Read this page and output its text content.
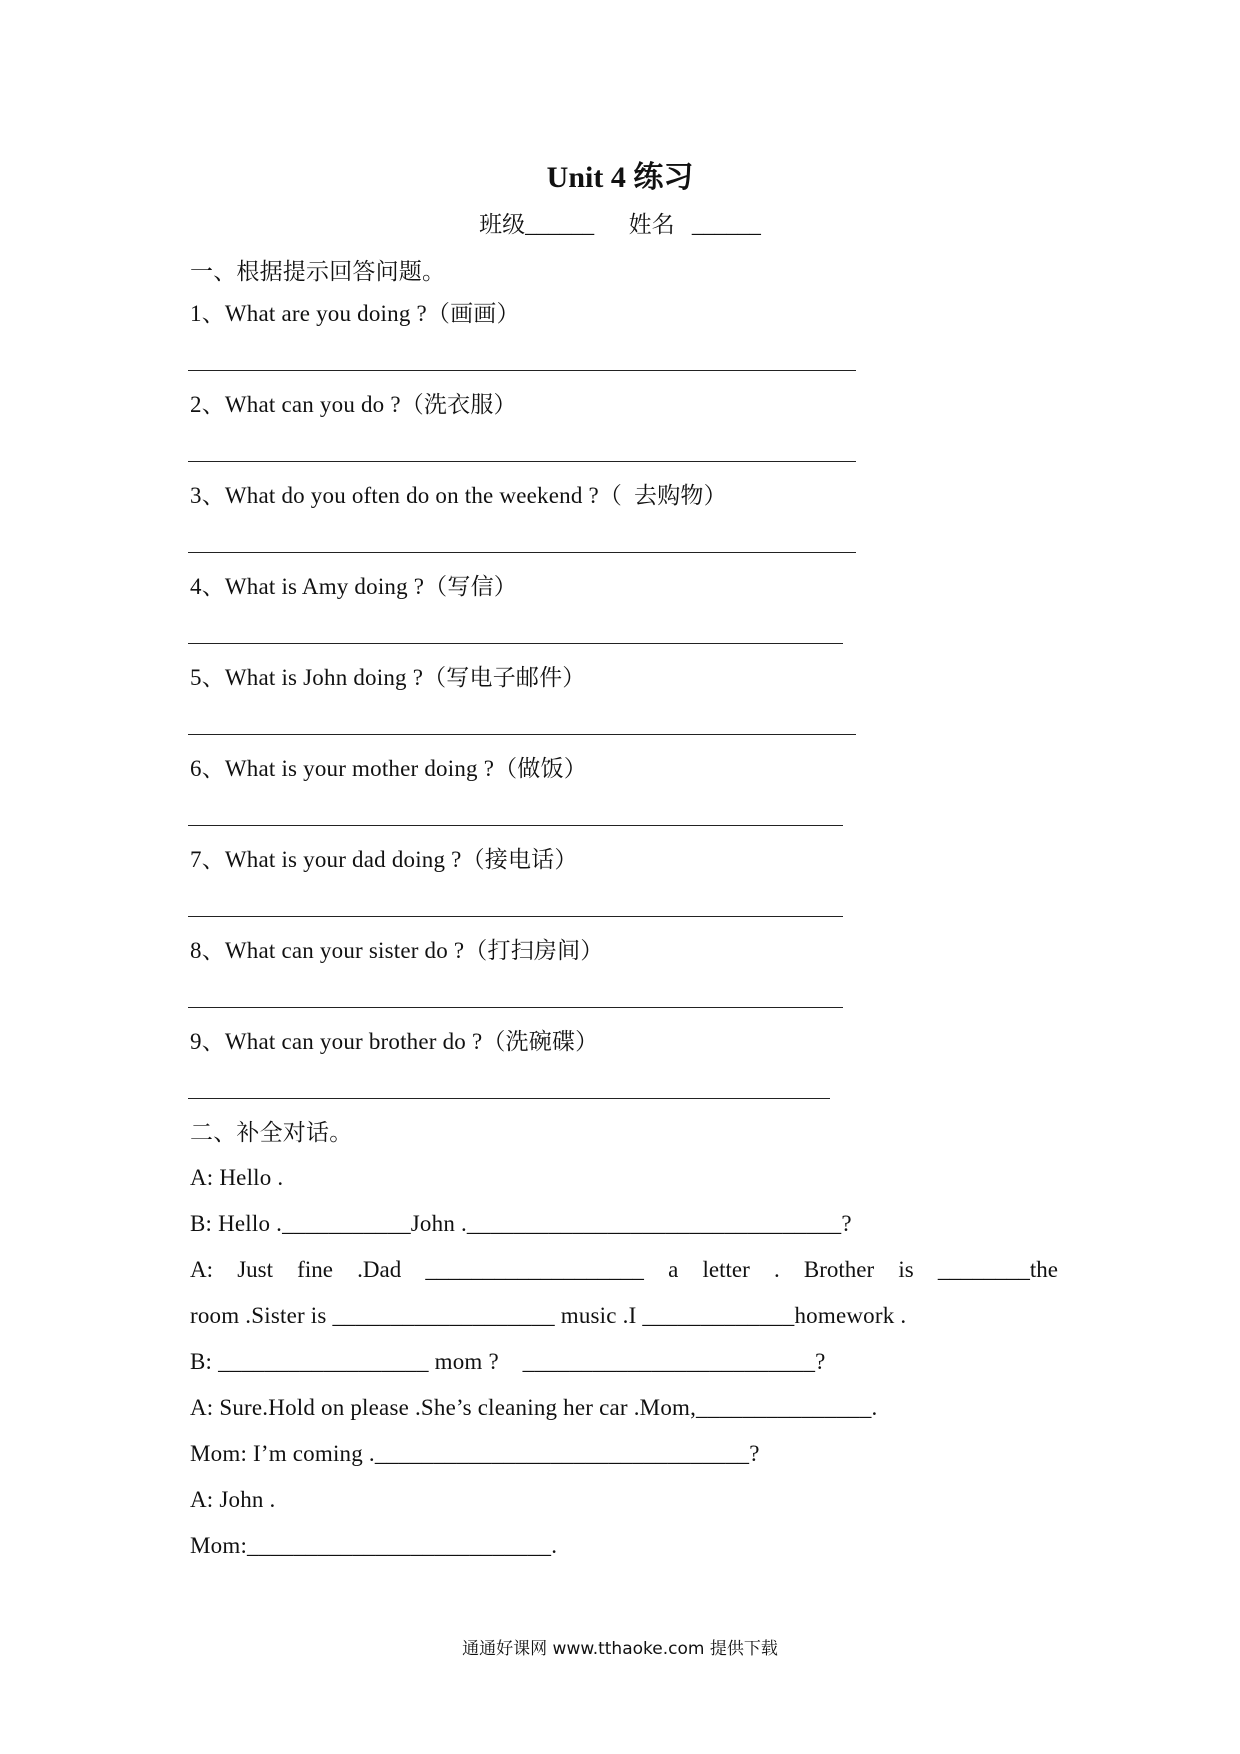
Unit 4 练习
班级______      姓名   ______
一、根据提示回答问题。
1、What are you doing ?（画画）
2、What can you do ?（洗衣服）
3、What do you often do on the weekend ?（  去购物）
4、What is Amy doing ?（写信）
5、What is John doing ?（写电子邮件）
6、What is your mother doing ?（做饭）
7、What is your dad doing ?（接电话）
8、What can your sister do ?（打扫房间）
9、What can your brother do ?（洗碗碟）
二、补全对话。
A: Hello .
B: Hello .___________John .________________________________?
A: Just fine .Dad ___________________ a letter . Brother is ________the
room .Sister is ___________________ music .I _____________homework .
B: __________________ mom ?    _________________________?
A: Sure.Hold on please .She’s cleaning her car .Mom,_______________.
Mom: I’m coming .________________________________?
A: John .
Mom:__________________________.
通通好课网 www.tthaoke.com 提供下载
